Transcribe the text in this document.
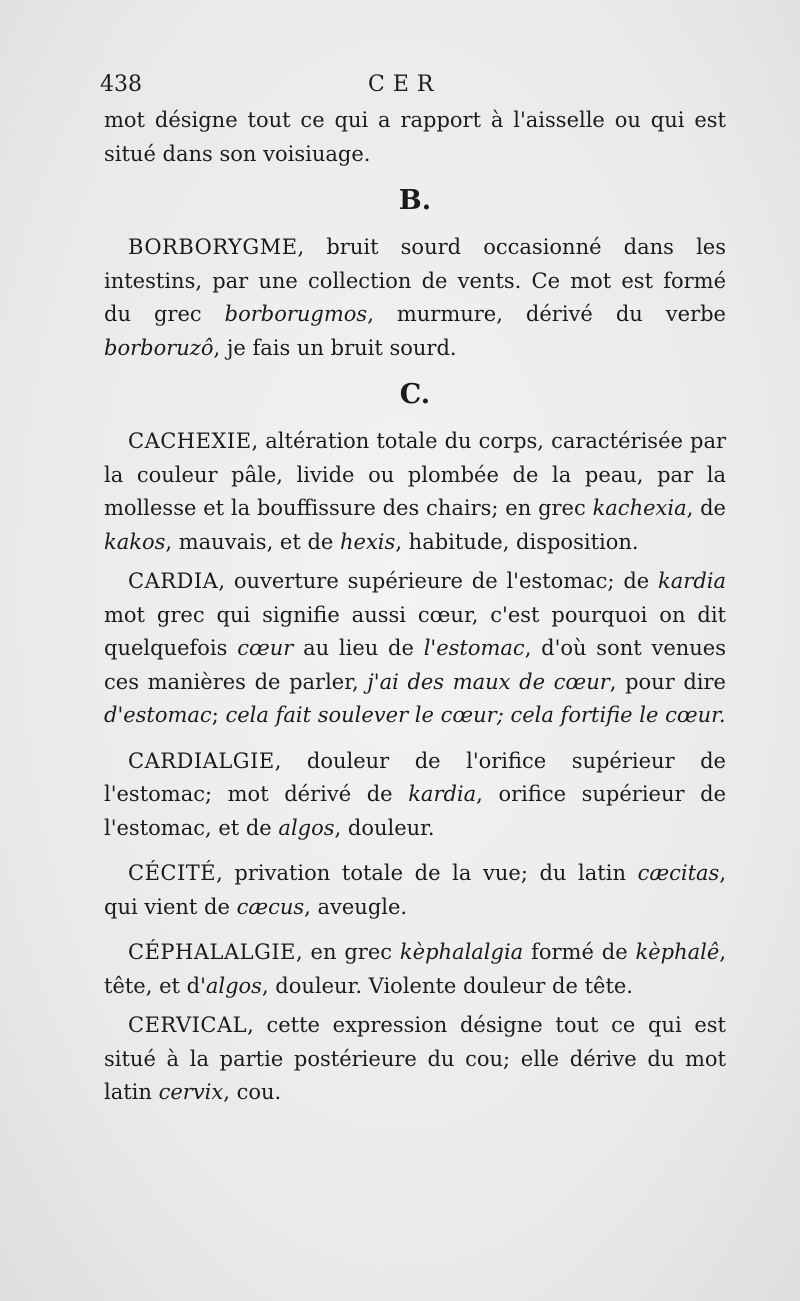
438	CER

mot désigne tout ce qui a rapport à l'aisselle ou qui est situé dans son voisiuage.

B.

BORBORYGME, bruit sourd occasionné dans les intestins, par une collection de vents. Ce mot est formé du grec borborugmos, murmure, dérivé du verbe borboruzô, je fais un bruit sourd.

C.

CACHEXIE, altération totale du corps, caractérisée par la couleur pâle, livide ou plombée de la peau, par la mollesse et la bouffissure des chairs; en grec kachexia, de kakos, mauvais, et de hexis, habitude, disposition.

CARDIA, ouverture supérieure de l'estomac; de kardia mot grec qui signifie aussi cœur, c'est pourquoi on dit quelquefois cœur au lieu de l'estomac, d'où sont venues ces manières de parler, j'ai des maux de cœur, pour dire d'estomac; cela fait soulever le cœur; cela fortifie le cœur.

CARDIALGIE, douleur de l'orifice supérieur de l'estomac; mot dérivé de kardia, orifice supérieur de l'estomac, et de algos, douleur.

CÉCITÉ, privation totale de la vue; du latin cæcitas, qui vient de cæcus, aveugle.

CÉPHALALGIE, en grec kèphalalgia formé de kèphalê, tête, et d'algos, douleur. Violente douleur de tête.

CERVICAL, cette expression désigne tout ce qui est situé à la partie postérieure du cou; elle dérive du mot latin cervix, cou.
